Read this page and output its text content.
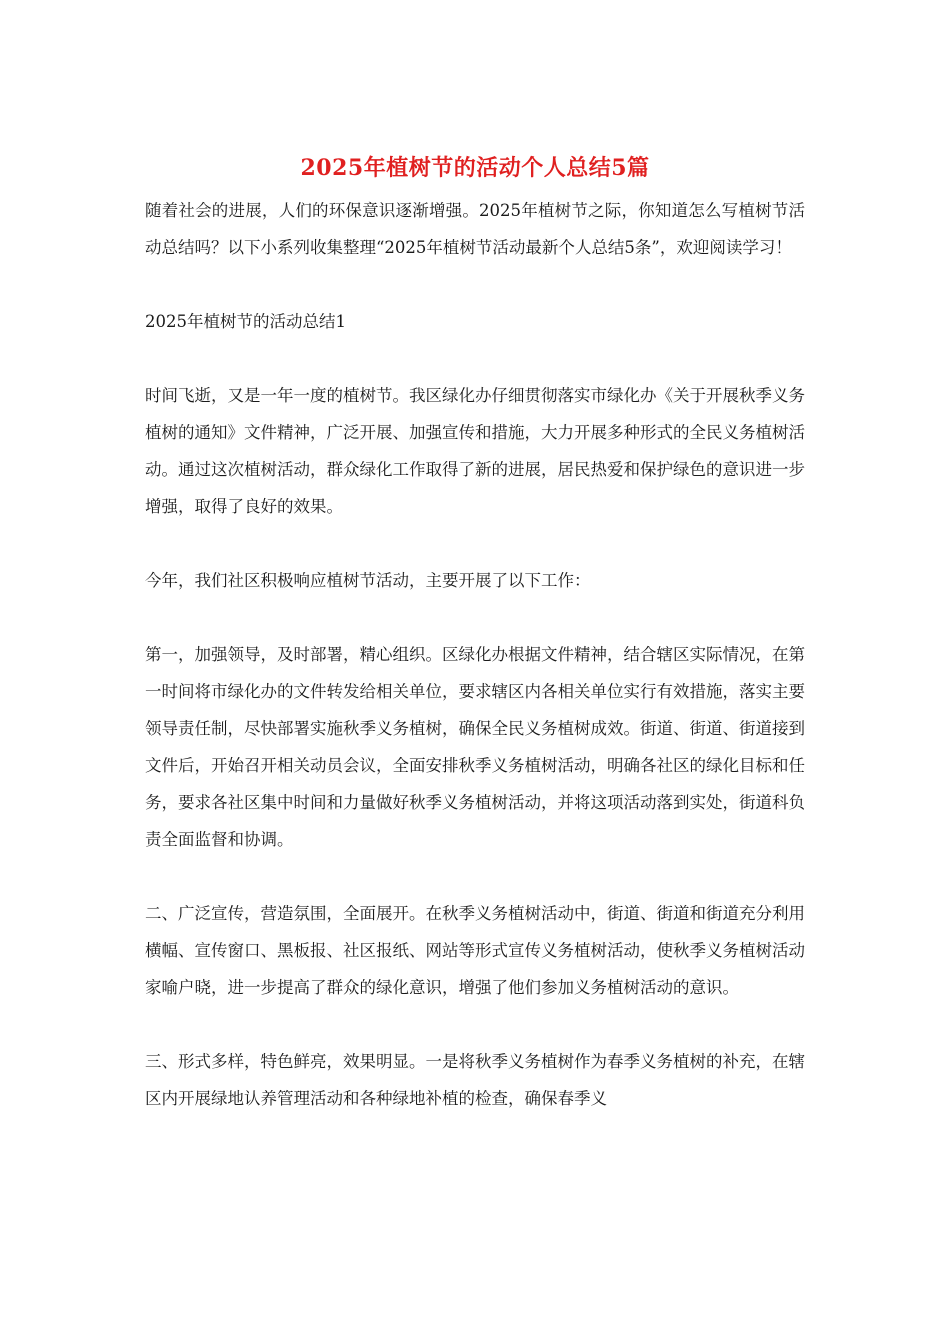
2025年植树节的活动个人总结5篇

随着社会的进展，人们的环保意识逐渐增强。2025年植树节之际，你知道怎么写植树节活动总结吗？以下小系列收集整理“2025年植树节活动最新个人总结5条”，欢迎阅读学习！

2025年植树节的活动总结1

时间飞逝，又是一年一度的植树节。我区绿化办仔细贯彻落实市绿化办《关于开展秋季义务植树的通知》文件精神，广泛开展、加强宣传和措施，大力开展多种形式的全民义务植树活动。通过这次植树活动，群众绿化工作取得了新的进展，居民热爱和保护绿色的意识进一步增强，取得了良好的效果。

今年，我们社区积极响应植树节活动，主要开展了以下工作：

第一，加强领导，及时部署，精心组织。区绿化办根据文件精神，结合辖区实际情况，在第一时间将市绿化办的文件转发给相关单位，要求辖区内各相关单位实行有效措施，落实主要领导责任制，尽快部署实施秋季义务植树，确保全民义务植树成效。街道、街道、街道接到文件后，开始召开相关动员会议，全面安排秋季义务植树活动，明确各社区的绿化目标和任务，要求各社区集中时间和力量做好秋季义务植树活动，并将这项活动落到实处，街道科负责全面监督和协调。

二、广泛宣传，营造氛围，全面展开。在秋季义务植树活动中，街道、街道和街道充分利用横幅、宣传窗口、黑板报、社区报纸、网站等形式宣传义务植树活动，使秋季义务植树活动家喻户晓，进一步提高了群众的绿化意识，增强了他们参加义务植树活动的意识。

三、形式多样，特色鲜亮，效果明显。一是将秋季义务植树作为春季义务植树的补充，在辖区内开展绿地认养管理活动和各种绿地补植的检查，确保春季义
